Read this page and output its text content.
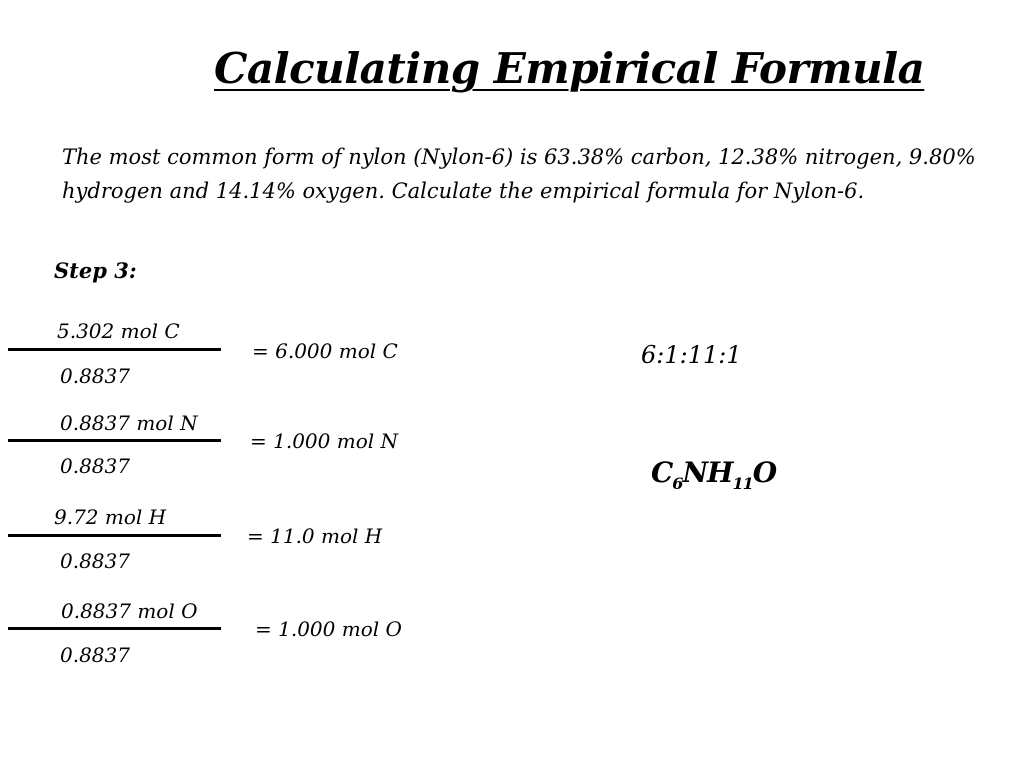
Calculating Empirical Formula
The most common form of nylon (Nylon-6) is 63.38% carbon, 12.38% nitrogen, 9.80%
hydrogen and 14.14% oxygen. Calculate the empirical formula for Nylon-6.
Step 3:
5.302 mol C
0.8837
= 6.000 mol C
0.8837 mol N
0.8837
= 1.000 mol N
9.72 mol H
0.8837
= 11.0 mol H
0.8837 mol O
0.8837
= 1.000 mol O
6:1:11:1
$C_6NH_{11}O$
